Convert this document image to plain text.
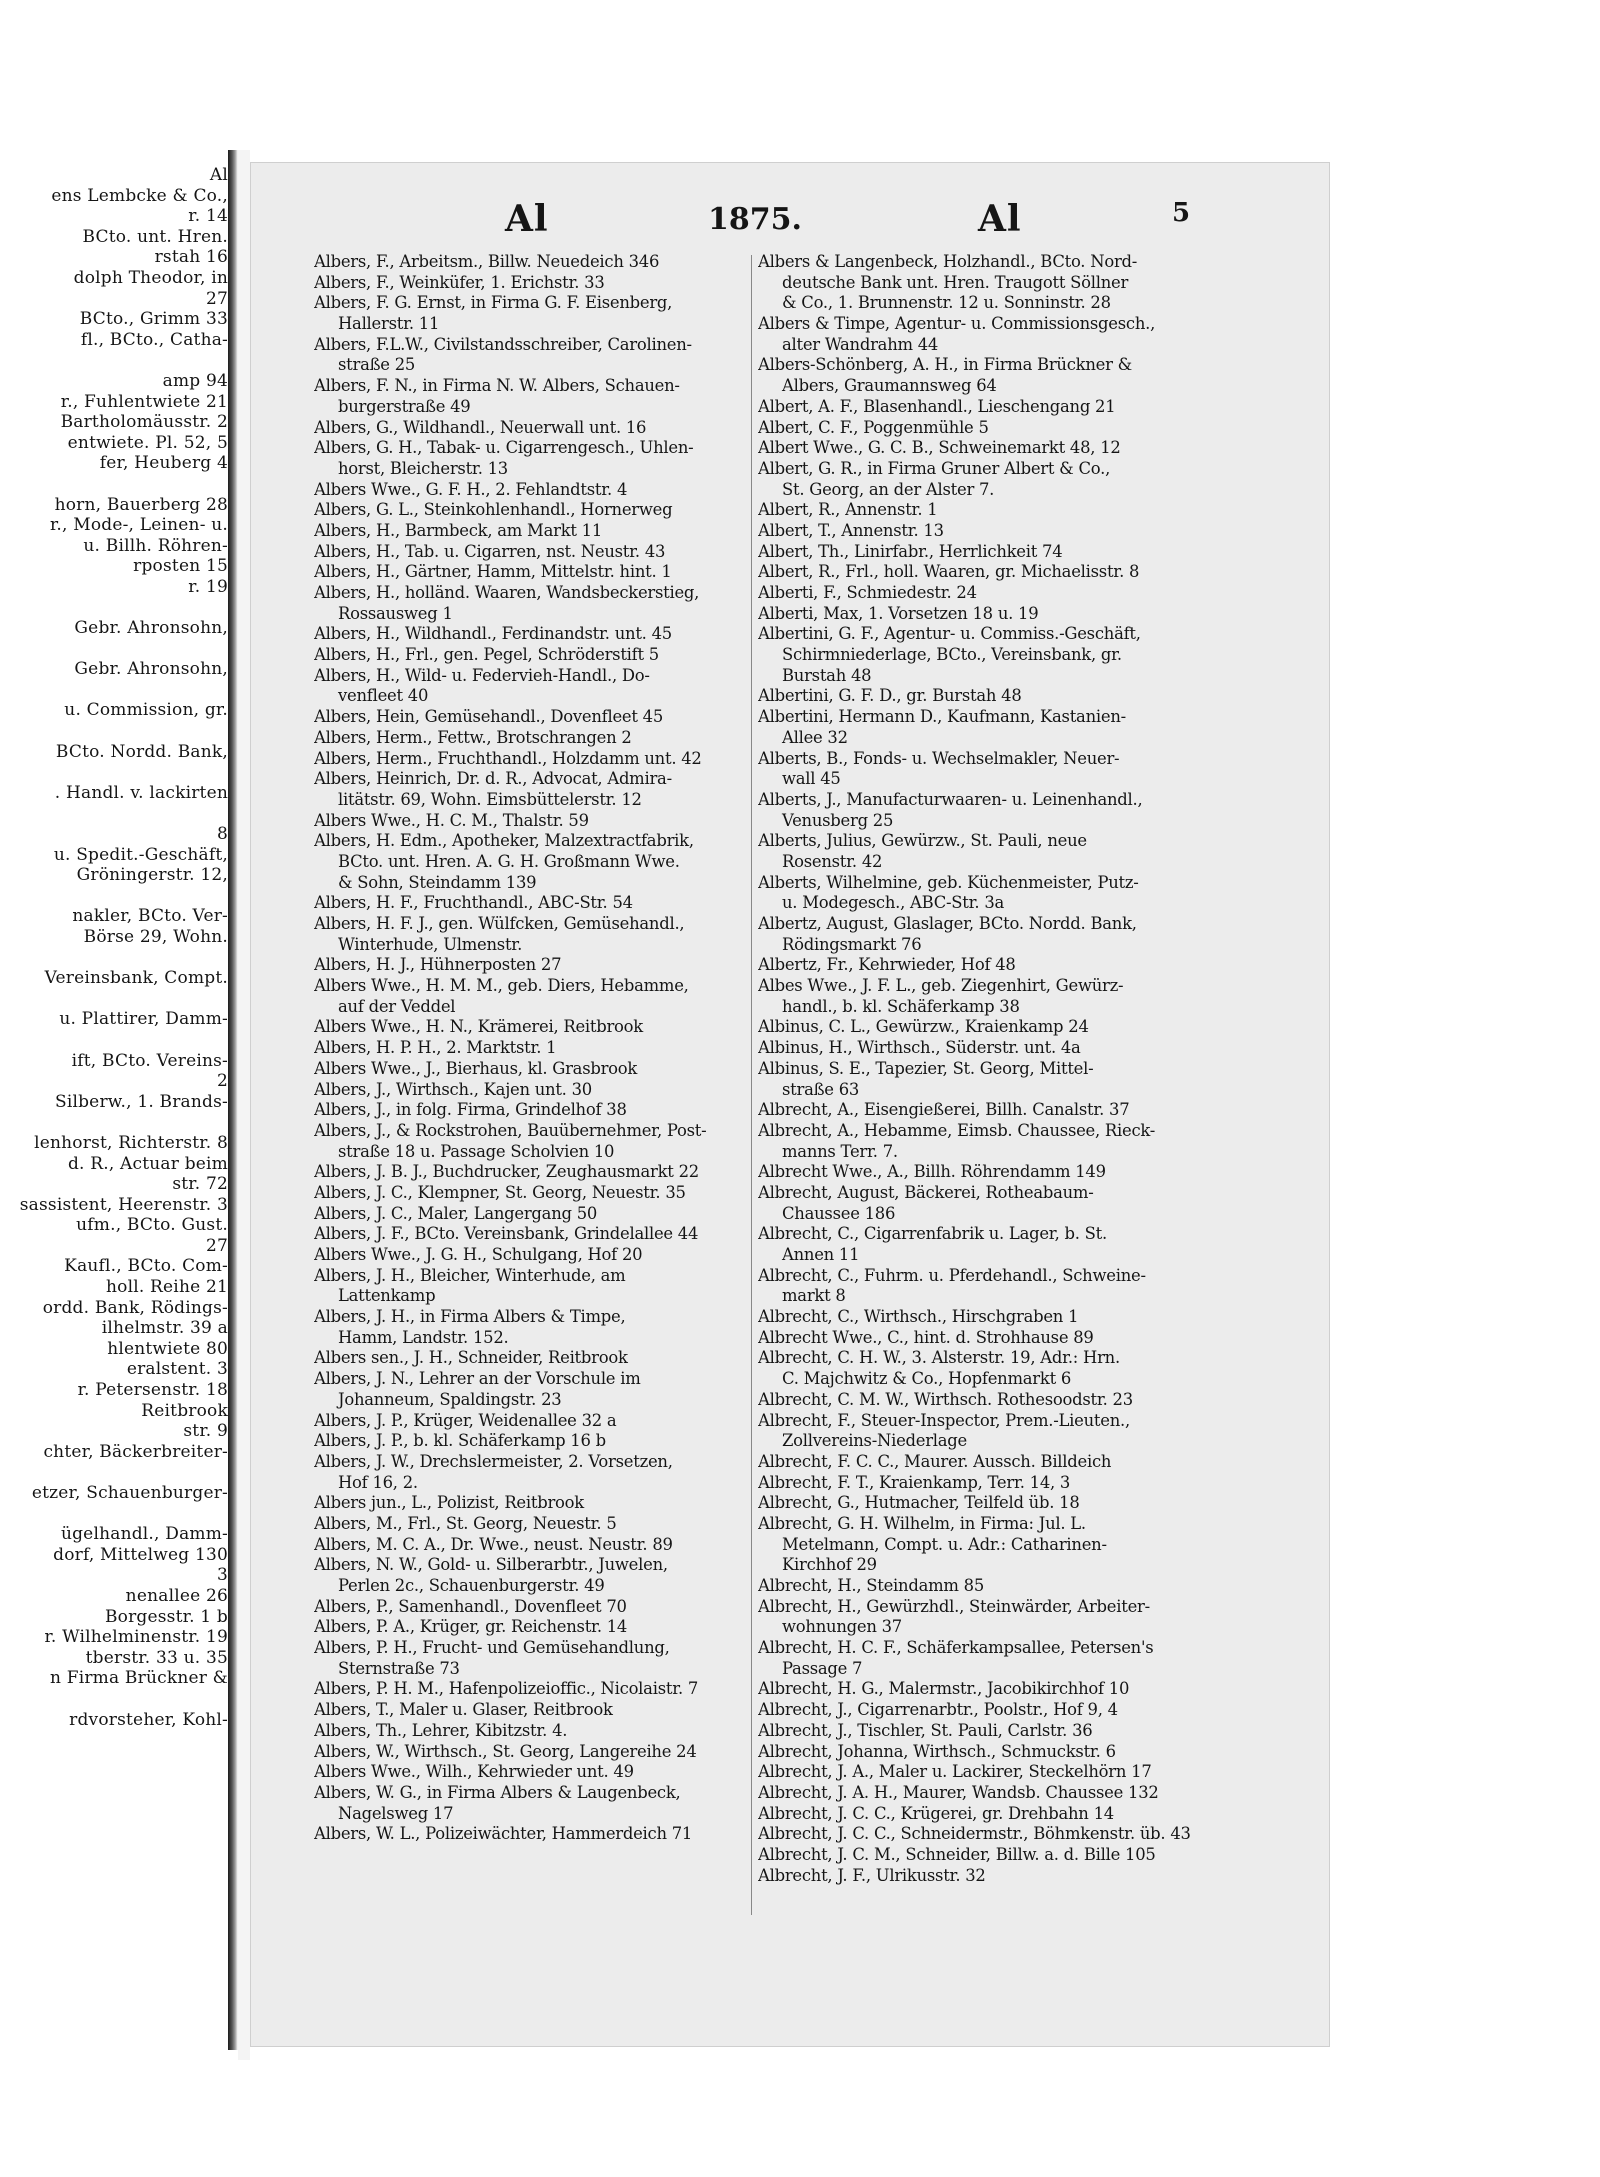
Al
ens Lembcke & Co.,
r. 14
BCto. unt. Hren.
rstah 16
dolph Theodor, in
27
BCto., Grimm 33
fl., BCto., Catha-
amp 94
r., Fuhlentwiete 21
Bartholomäusstr. 2
entwiete. Pl. 52, 5
fer, Heuberg 4
horn, Bauerberg 28
r., Mode-, Leinen- u.
u. Billh. Röhren-
rposten 15
r. 19
Gebr. Ahronsohn,
Gebr. Ahronsohn,
u. Commission, gr.
BCto. Nordd. Bank,
. Handl. v. lackirten
8
u. Spedit.-Geschäft,
Gröningerstr. 12,
nakler, BCto. Ver-
Börse 29, Wohn.
Vereinsbank, Compt.
u. Plattirer, Damm-
ift, BCto. Vereins-
2
Silberw., 1. Brands-
lenhorst, Richterstr. 8
d. R., Actuar beim
str. 72
sassistent, Heerenstr. 3
ufm., BCto. Gust.
27
Kaufl., BCto. Com-
holl. Reihe 21
ordd. Bank, Rödings-
ilhelmstr. 39 a
hlentwiete 80
eralstent. 3
r. Petersenstr. 18
Reitbrook
str. 9
chter, Bäckerbreiter-
etzer, Schauenburger-
ügelhandl., Damm-
dorf, Mittelweg 130
3
nenallee 26
Borgesstr. 1 b
r. Wilhelminenstr. 19
tberstr. 33 u. 35
n Firma Brückner &
rdvorsteher, Kohl-
Al	1875.	Al	5
Albers, F., Arbeitsm., Billw. Neuedeich 346
Albers, F., Weinküfer, 1. Erichstr. 33
Albers, F. G. Ernst, in Firma G. F. Eisenberg,
Hallerstr. 11
Albers, F.L.W., Civilstandsschreiber, Carolinen-
straße 25
Albers, F. N., in Firma N. W. Albers, Schauen-
burgerstraße 49
Albers, G., Wildhandl., Neuerwall unt. 16
Albers, G. H., Tabak- u. Cigarrengesch., Uhlen-
horst, Bleicherstr. 13
Albers Wwe., G. F. H., 2. Fehlandtstr. 4
Albers, G. L., Steinkohlenhandl., Hornerweg
Albers, H., Barmbeck, am Markt 11
Albers, H., Tab. u. Cigarren, nst. Neustr. 43
Albers, H., Gärtner, Hamm, Mittelstr. hint. 1
Albers, H., holländ. Waaren, Wandsbeckerstieg,
Rossausweg 1
Albers, H., Wildhandl., Ferdinandstr. unt. 45
Albers, H., Frl., gen. Pegel, Schröderstift 5
Albers, H., Wild- u. Federvieh-Handl., Do-
venfleet 40
Albers, Hein, Gemüsehandl., Dovenfleet 45
Albers, Herm., Fettw., Brotschrangen 2
Albers, Herm., Fruchthandl., Holzdamm unt. 42
Albers, Heinrich, Dr. d. R., Advocat, Admira-
litätstr. 69, Wohn. Eimsbüttelerstr. 12
Albers Wwe., H. C. M., Thalstr. 59
Albers, H. Edm., Apotheker, Malzextractfabrik,
BCto. unt. Hren. A. G. H. Großmann Wwe.
& Sohn, Steindamm 139
Albers, H. F., Fruchthandl., ABC-Str. 54
Albers, H. F. J., gen. Wülfcken, Gemüsehandl.,
Winterhude, Ulmenstr.
Albers, H. J., Hühnerposten 27
Albers Wwe., H. M. M., geb. Diers, Hebamme,
auf der Veddel
Albers Wwe., H. N., Krämerei, Reitbrook
Albers, H. P. H., 2. Marktstr. 1
Albers Wwe., J., Bierhaus, kl. Grasbrook
Albers, J., Wirthsch., Kajen unt. 30
Albers, J., in folg. Firma, Grindelhof 38
Albers, J., & Rockstrohen, Bauübernehmer, Post-
straße 18 u. Passage Scholvien 10
Albers, J. B. J., Buchdrucker, Zeughausmarkt 22
Albers, J. C., Klempner, St. Georg, Neuestr. 35
Albers, J. C., Maler, Langergang 50
Albers, J. F., BCto. Vereinsbank, Grindelallee 44
Albers Wwe., J. G. H., Schulgang, Hof 20
Albers, J. H., Bleicher, Winterhude, am
Lattenkamp
Albers, J. H., in Firma Albers & Timpe,
Hamm, Landstr. 152.
Albers sen., J. H., Schneider, Reitbrook
Albers, J. N., Lehrer an der Vorschule im
Johanneum, Spaldingstr. 23
Albers, J. P., Krüger, Weidenallee 32 a
Albers, J. P., b. kl. Schäferkamp 16 b
Albers, J. W., Drechslermeister, 2. Vorsetzen,
Hof 16, 2.
Albers jun., L., Polizist, Reitbrook
Albers, M., Frl., St. Georg, Neuestr. 5
Albers, M. C. A., Dr. Wwe., neust. Neustr. 89
Albers, N. W., Gold- u. Silberarbtr., Juwelen,
Perlen 2c., Schauenburgerstr. 49
Albers, P., Samenhandl., Dovenfleet 70
Albers, P. A., Krüger, gr. Reichenstr. 14
Albers, P. H., Frucht- und Gemüsehandlung,
Sternstraße 73
Albers, P. H. M., Hafenpolizeioffic., Nicolaistr. 7
Albers, T., Maler u. Glaser, Reitbrook
Albers, Th., Lehrer, Kibitzstr. 4.
Albers, W., Wirthsch., St. Georg, Langereihe 24
Albers Wwe., Wilh., Kehrwieder unt. 49
Albers, W. G., in Firma Albers & Laugenbeck,
Nagelsweg 17
Albers, W. L., Polizeiwächter, Hammerdeich 71
Albers & Langenbeck, Holzhandl., BCto. Nord-
deutsche Bank unt. Hren. Traugott Söllner
& Co., 1. Brunnenstr. 12 u. Sonninstr. 28
Albers & Timpe, Agentur- u. Commissionsgesch.,
alter Wandrahm 44
Albers-Schönberg, A. H., in Firma Brückner &
Albers, Graumannsweg 64
Albert, A. F., Blasenhandl., Lieschengang 21
Albert, C. F., Poggenmühle 5
Albert Wwe., G. C. B., Schweinemarkt 48, 12
Albert, G. R., in Firma Gruner Albert & Co.,
St. Georg, an der Alster 7.
Albert, R., Annenstr. 1
Albert, T., Annenstr. 13
Albert, Th., Linirfabr., Herrlichkeit 74
Albert, R., Frl., holl. Waaren, gr. Michaelisstr. 8
Alberti, F., Schmiedestr. 24
Alberti, Max, 1. Vorsetzen 18 u. 19
Albertini, G. F., Agentur- u. Commiss.-Geschäft,
Schirmniederlage, BCto., Vereinsbank, gr.
Burstah 48
Albertini, G. F. D., gr. Burstah 48
Albertini, Hermann D., Kaufmann, Kastanien-
Allee 32
Alberts, B., Fonds- u. Wechselmakler, Neuer-
wall 45
Alberts, J., Manufacturwaaren- u. Leinenhandl.,
Venusberg 25
Alberts, Julius, Gewürzw., St. Pauli, neue
Rosenstr. 42
Alberts, Wilhelmine, geb. Küchenmeister, Putz-
u. Modegesch., ABC-Str. 3a
Albertz, August, Glaslager, BCto. Nordd. Bank,
Rödingsmarkt 76
Albertz, Fr., Kehrwieder, Hof 48
Albes Wwe., J. F. L., geb. Ziegenhirt, Gewürz-
handl., b. kl. Schäferkamp 38
Albinus, C. L., Gewürzw., Kraienkamp 24
Albinus, H., Wirthsch., Süderstr. unt. 4a
Albinus, S. E., Tapezier, St. Georg, Mittel-
straße 63
Albrecht, A., Eisengießerei, Billh. Canalstr. 37
Albrecht, A., Hebamme, Eimsb. Chaussee, Rieck-
manns Terr. 7.
Albrecht Wwe., A., Billh. Röhrendamm 149
Albrecht, August, Bäckerei, Rotheabaum-
Chaussee 186
Albrecht, C., Cigarrenfabrik u. Lager, b. St.
Annen 11
Albrecht, C., Fuhrm. u. Pferdehandl., Schweine-
markt 8
Albrecht, C., Wirthsch., Hirschgraben 1
Albrecht Wwe., C., hint. d. Strohhause 89
Albrecht, C. H. W., 3. Alsterstr. 19, Adr.: Hrn.
C. Majchwitz & Co., Hopfenmarkt 6
Albrecht, C. M. W., Wirthsch. Rothesoodstr. 23
Albrecht, F., Steuer-Inspector, Prem.-Lieuten.,
Zollvereins-Niederlage
Albrecht, F. C. C., Maurer. Aussch. Billdeich
Albrecht, F. T., Kraienkamp, Terr. 14, 3
Albrecht, G., Hutmacher, Teilfeld üb. 18
Albrecht, G. H. Wilhelm, in Firma: Jul. L.
Metelmann, Compt. u. Adr.: Catharinen-
Kirchhof 29
Albrecht, H., Steindamm 85
Albrecht, H., Gewürzhdl., Steinwärder, Arbeiter-
wohnungen 37
Albrecht, H. C. F., Schäferkampsallee, Petersen's
Passage 7
Albrecht, H. G., Malermstr., Jacobikirchhof 10
Albrecht, J., Cigarrenarbtr., Poolstr., Hof 9, 4
Albrecht, J., Tischler, St. Pauli, Carlstr. 36
Albrecht, Johanna, Wirthsch., Schmuckstr. 6
Albrecht, J. A., Maler u. Lackirer, Steckelhörn 17
Albrecht, J. A. H., Maurer, Wandsb. Chaussee 132
Albrecht, J. C. C., Krügerei, gr. Drehbahn 14
Albrecht, J. C. C., Schneidermstr., Böhmkenstr. üb. 43
Albrecht, J. C. M., Schneider, Billw. a. d. Bille 105
Albrecht, J. F., Ulrikusstr. 32
